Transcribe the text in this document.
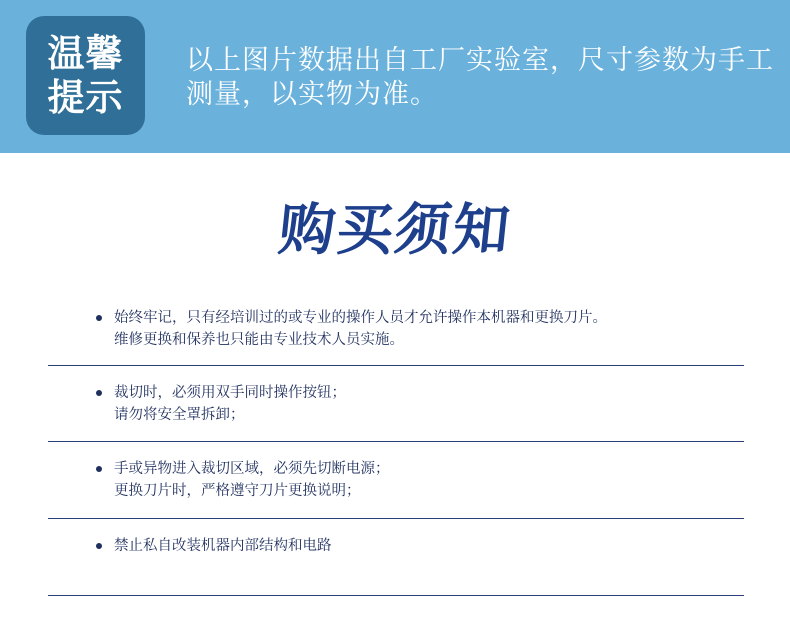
温馨
提示
以上图片数据出自工厂实验室，尺寸参数为手工测量，以实物为准。
购买须知

始终牢记，只有经培训过的或专业的操作人员才允许操作本机器和更换刀片。

维修更换和保养也只能由专业技术人员实施。

裁切时，必须用双手同时操作按钮；

请勿将安全罩拆卸；

手或异物进入裁切区域，必须先切断电源；

更换刀片时，严格遵守刀片更换说明；

禁止私自改装机器内部结构和电路
